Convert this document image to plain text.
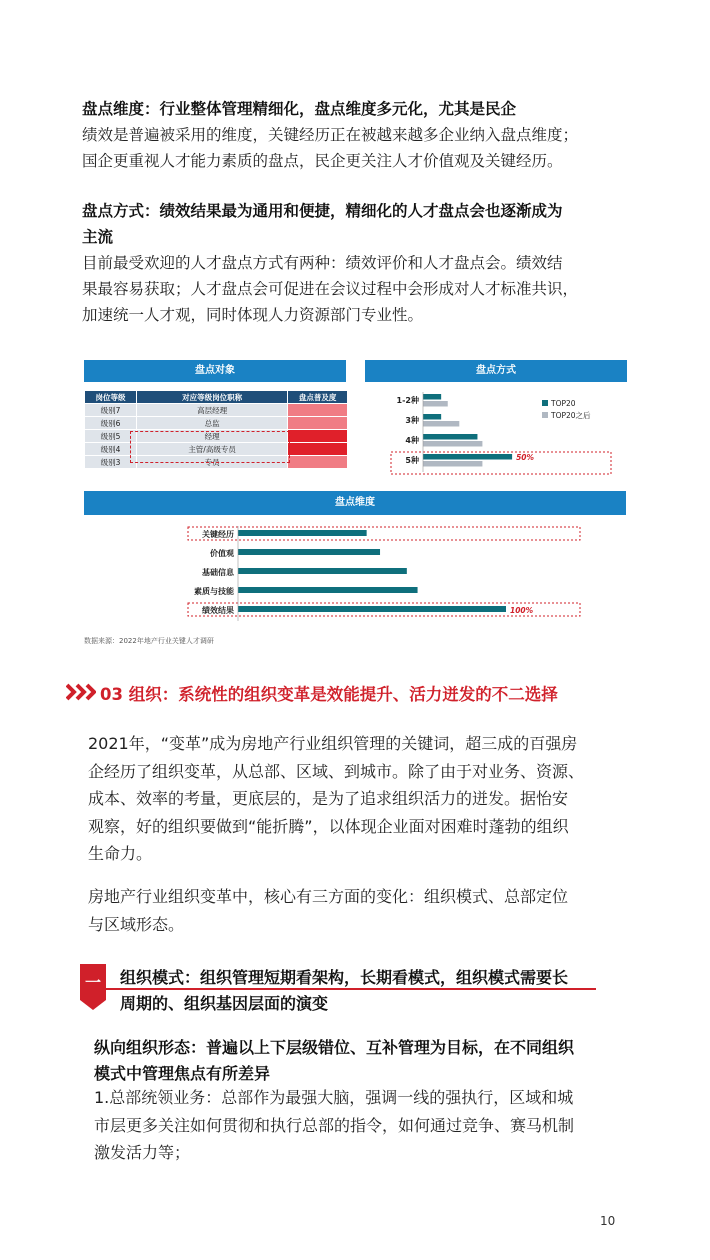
盘点维度：行业整体管理精细化，盘点维度多元化，尤其是民企
绩效是普遍被采用的维度，关键经历正在被越来越多企业纳入盘点维度；
国企更重视人才能力素质的盘点，民企更关注人才价值观及关键经历。
盘点方式：绩效结果最为通用和便捷，精细化的人才盘点会也逐渐成为
主流
目前最受欢迎的人才盘点方式有两种：绩效评价和人才盘点会。绩效结
果最容易获取；人才盘点会可促进在会议过程中会形成对人才标准共识，
加速统一人才观，同时体现人力资源部门专业性。
盘点对象
岗位等级	对应等级岗位职称	盘点普及度
级别7	高层经理	
级别6	总监	
级别5	经理	
级别4	主管/高级专员	
级别3	专员	
盘点方式
1-2种
3种
4种
5种	50%
TOP20
TOP20之后
盘点维度
关键经历
价值观
基础信息
素质与技能
绩效结果	100%
数据来源：2022年地产行业关键人才调研
03 组织：系统性的组织变革是效能提升、活力迸发的不二选择
2021年，“变革”成为房地产行业组织管理的关键词，超三成的百强房
企经历了组织变革，从总部、区域、到城市。除了由于对业务、资源、
成本、效率的考量，更底层的，是为了追求组织活力的迸发。据怡安
观察，好的组织要做到“能折腾”，以体现企业面对困难时蓬勃的组织
生命力。
房地产行业组织变革中，核心有三方面的变化：组织模式、总部定位
与区域形态。
一	组织模式：组织管理短期看架构，长期看模式，组织模式需要长
周期的、组织基因层面的演变
纵向组织形态：普遍以上下层级错位、互补管理为目标，在不同组织
模式中管理焦点有所差异
1.总部统领业务：总部作为最强大脑，强调一线的强执行，区域和城
市层更多关注如何贯彻和执行总部的指令，如何通过竞争、赛马机制
激发活力等；
10
